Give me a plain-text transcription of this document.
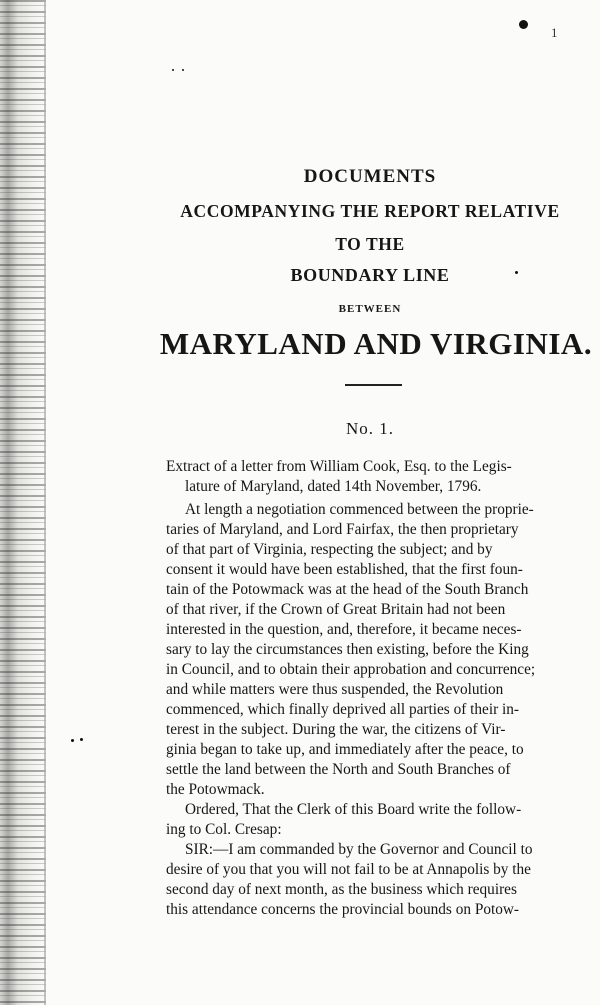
1
DOCUMENTS
ACCOMPANYING THE REPORT RELATIVE
TO THE
BOUNDARY LINE
BETWEEN
MARYLAND AND VIRGINIA.
No. 1.
Extract of a letter from William Cook, Esq. to the Legis-
lature of Maryland, dated 14th November, 1796.
At length a negotiation commenced between the proprie-
taries of Maryland, and Lord Fairfax, the then proprietary
of that part of Virginia, respecting the subject; and by
consent it would have been established, that the first foun-
tain of the Potowmack was at the head of the South Branch
of that river, if the Crown of Great Britain had not been
interested in the question, and, therefore, it became neces-
sary to lay the circumstances then existing, before the King
in Council, and to obtain their approbation and concurrence;
and while matters were thus suspended, the Revolution
commenced, which finally deprived all parties of their in-
terest in the subject. During the war, the citizens of Vir-
ginia began to take up, and immediately after the peace, to
settle the land between the North and South Branches of
the Potowmack.
Ordered, That the Clerk of this Board write the follow-
ing to Col. Cresap:
SIR:—I am commanded by the Governor and Council to
desire of you that you will not fail to be at Annapolis by the
second day of next month, as the business which requires
this attendance concerns the provincial bounds on Potow-
